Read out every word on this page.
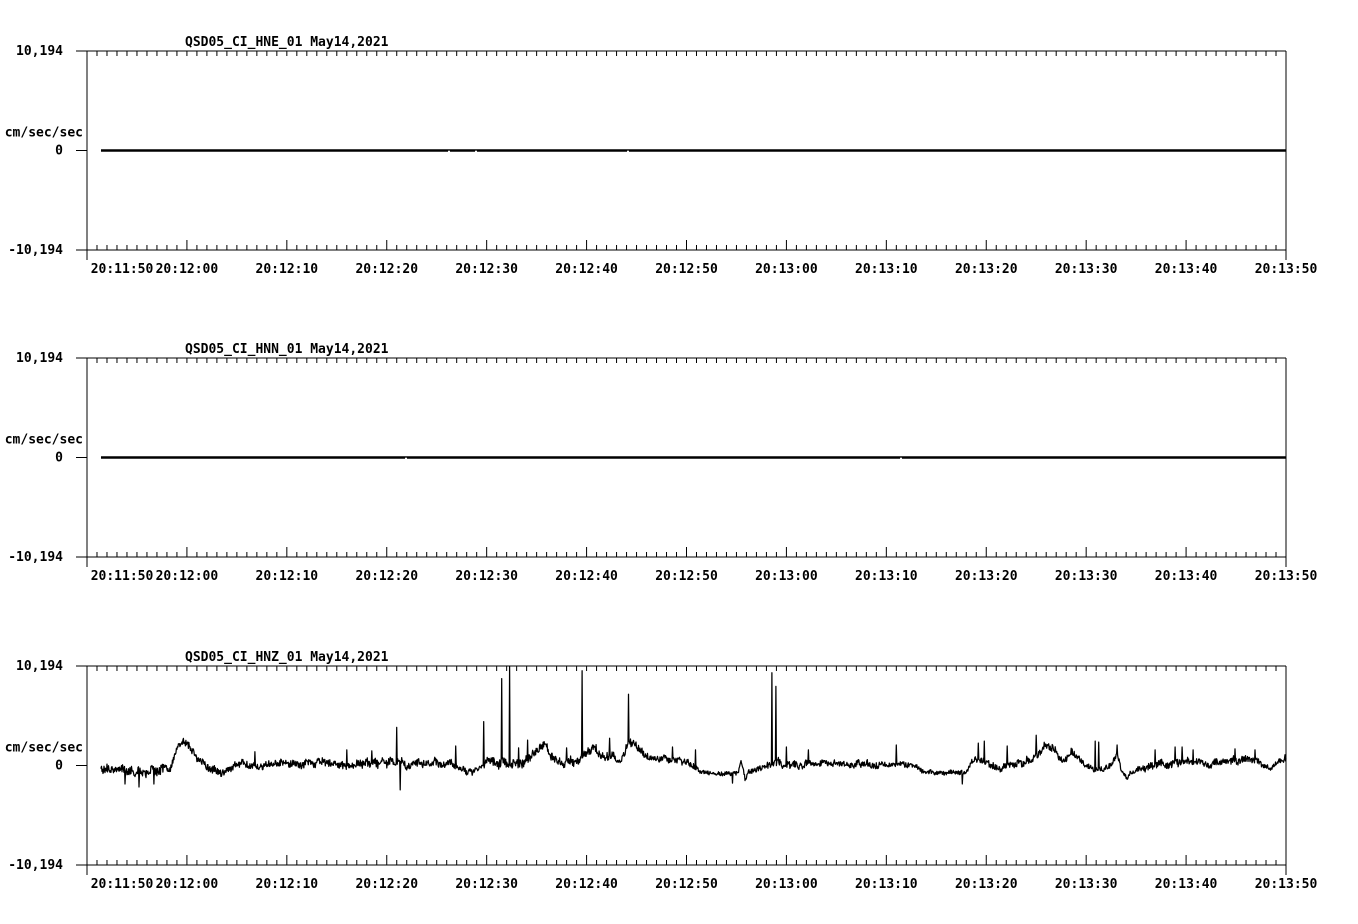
QSD05_CI_HNE_01 May14,2021
10,194
0
-10,194
cm/sec/sec
20:11:50 20:12:00	20:12:10	20:12:20	20:12:30	20:12:40	20:12:50	20:13:00	20:13:10	20:13:20	20:13:30	20:13:40	20:13:50
QSD05_CI_HNN_01 May14,2021
10,194
0
-10,194
cm/sec/sec
20:11:50 20:12:00	20:12:10	20:12:20	20:12:30	20:12:40	20:12:50	20:13:00	20:13:10	20:13:20	20:13:30	20:13:40	20:13:50
QSD05_CI_HNZ_01 May14,2021
10,194
0
-10,194
cm/sec/sec
20:11:50 20:12:00	20:12:10	20:12:20	20:12:30	20:12:40	20:12:50	20:13:00	20:13:10	20:13:20	20:13:30	20:13:40	20:13:50
